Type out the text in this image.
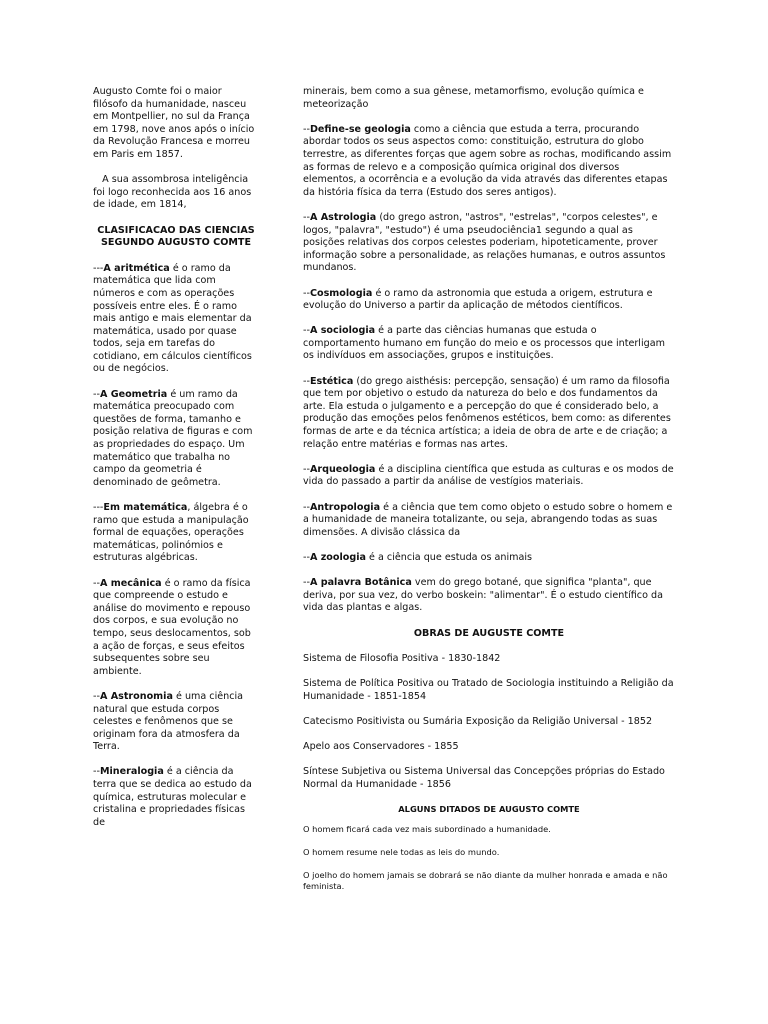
Augusto Comte foi o maior filósofo da humanidade, nasceu em Montpellier, no sul da França em 1798, nove anos após o início da Revolução Francesa e morreu em Paris em 1857.

A sua assombrosa inteligência foi logo reconhecida aos 16 anos de idade, em 1814,

CLASIFICACAO DAS CIENCIAS SEGUNDO AUGUSTO COMTE

---A aritmética é o ramo da matemática que lida com números e com as operações possíveis entre eles. É o ramo mais antigo e mais elementar da matemática, usado por quase todos, seja em tarefas do cotidiano, em cálculos científicos ou de negócios.

--A Geometria é um ramo da matemática preocupado com questões de forma, tamanho e posição relativa de figuras e com as propriedades do espaço. Um matemático que trabalha no campo da geometria é denominado de geômetra.

---Em matemática, álgebra é o ramo que estuda a manipulação formal de equações, operações matemáticas, polinómios e estruturas algébricas.

--A mecânica é o ramo da física que compreende o estudo e análise do movimento e repouso dos corpos, e sua evolução no tempo, seus deslocamentos, sob a ação de forças, e seus efeitos subsequentes sobre seu ambiente.

--A Astronomia é uma ciência natural que estuda corpos celestes e fenômenos que se originam fora da atmosfera da Terra.

--Mineralogia é a ciência da terra que se dedica ao estudo da química, estruturas molecular e cristalina e propriedades físicas de

minerais, bem como a sua gênese, metamorfismo, evolução química e meteorização

--Define-se geologia como a ciência que estuda a terra, procurando abordar todos os seus aspectos como: constituição, estrutura do globo terrestre, as diferentes forças que agem sobre as rochas, modificando assim as formas de relevo e a composição química original dos diversos elementos, a ocorrência e a evolução da vida através das diferentes etapas da história física da terra (Estudo dos seres antigos).

--A Astrologia (do grego astron, "astros", "estrelas", "corpos celestes", e logos, "palavra", "estudo") é uma pseudociência1 segundo a qual as posições relativas dos corpos celestes poderiam, hipoteticamente, prover informação sobre a personalidade, as relações humanas, e outros assuntos mundanos.

--Cosmologia é o ramo da astronomia que estuda a origem, estrutura e evolução do Universo a partir da aplicação de métodos científicos.

--A sociologia é a parte das ciências humanas que estuda o comportamento humano em função do meio e os processos que interligam os indivíduos em associações, grupos e instituições.

--Estética (do grego aisthésis: percepção, sensação) é um ramo da filosofia que tem por objetivo o estudo da natureza do belo e dos fundamentos da arte. Ela estuda o julgamento e a percepção do que é considerado belo, a produção das emoções pelos fenômenos estéticos, bem como: as diferentes formas de arte e da técnica artística; a ideia de obra de arte e de criação; a relação entre matérias e formas nas artes.

--Arqueologia é a disciplina científica que estuda as culturas e os modos de vida do passado a partir da análise de vestígios materiais.

--Antropologia é a ciência que tem como objeto o estudo sobre o homem e a humanidade de maneira totalizante, ou seja, abrangendo todas as suas dimensões. A divisão clássica da

--A zoologia é a ciência que estuda os animais

--A palavra Botânica vem do grego botané, que significa "planta", que deriva, por sua vez, do verbo boskein: "alimentar". É o estudo científico da vida das plantas e algas.

OBRAS DE AUGUSTE COMTE

Sistema de Filosofia Positiva - 1830-1842

Sistema de Política Positiva ou Tratado de Sociologia instituindo a Religião da Humanidade - 1851-1854

Catecismo Positivista ou Sumária Exposição da Religião Universal - 1852

Apelo aos Conservadores - 1855

Síntese Subjetiva ou Sistema Universal das Concepções próprias do Estado Normal da Humanidade - 1856

ALGUNS DITADOS DE AUGUSTO COMTE

O homem ficará cada vez mais subordinado a humanidade.

O homem resume nele todas as leis do mundo.

O joelho do homem jamais se dobrará se não diante da mulher honrada e amada e não feminista.
